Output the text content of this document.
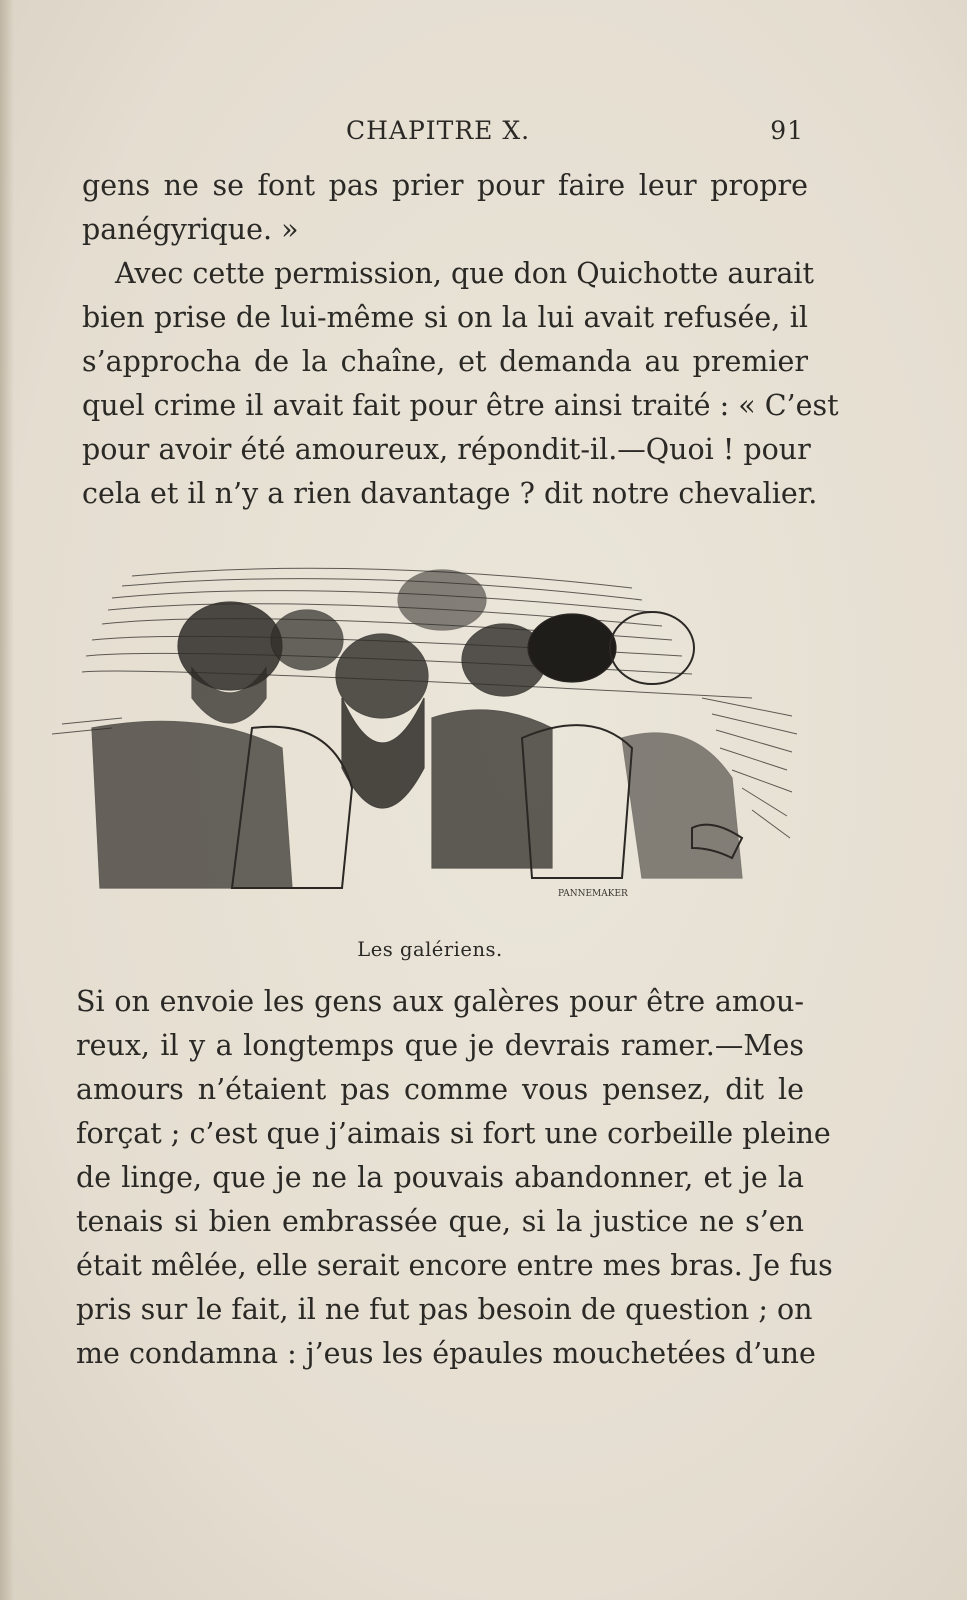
CHAPITRE X.	91
gens ne se font pas prier pour faire leur propre
panégyrique. »
Avec cette permission, que don Quichotte aurait
bien prise de lui-même si on la lui avait refusée, il
s’approcha de la chaîne, et demanda au premier
quel crime il avait fait pour être ainsi traité : « C’est
pour avoir été amoureux, répondit-il.—Quoi ! pour
cela et il n’y a rien davantage ? dit notre chevalier.
PANNEMAKER
Les galériens.
Si on envoie les gens aux galères pour être amou-
reux, il y a longtemps que je devrais ramer.—Mes
amours n’étaient pas comme vous pensez, dit le
forçat ; c’est que j’aimais si fort une corbeille pleine
de linge, que je ne la pouvais abandonner, et je la
tenais si bien embrassée que, si la justice ne s’en
était mêlée, elle serait encore entre mes bras. Je fus
pris sur le fait, il ne fut pas besoin de question ; on
me condamna : j’eus les épaules mouchetées d’une
